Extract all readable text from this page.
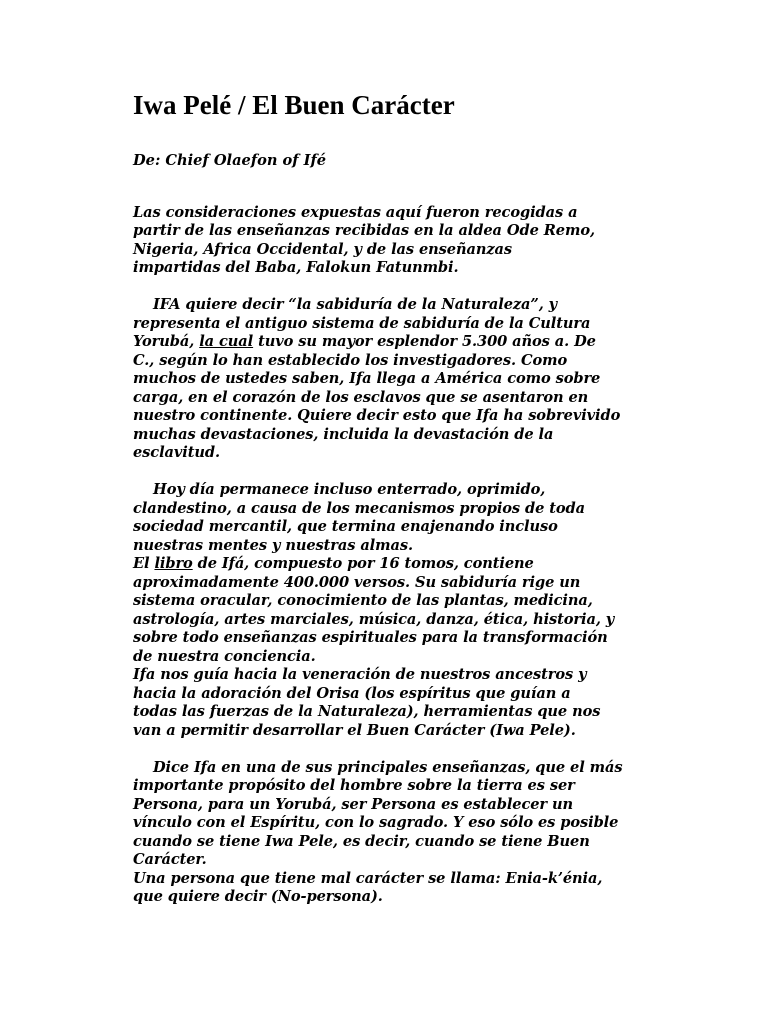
Iwa Pelé / El Buen Carácter

De: Chief Olaefon of Ifé

Las consideraciones expuestas aquí fueron recogidas a
partir de las enseñanzas recibidas en la aldea Ode Remo,
Nigeria, Africa Occidental, y de las enseñanzas
impartidas del Baba, Falokun Fatunmbi.
IFA quiere decir “la sabiduría de la Naturaleza”, y
representa el antiguo sistema de sabiduría de la Cultura
Yorubá, la cual tuvo su mayor esplendor 5.300 años a. De
C., según lo han establecido los investigadores. Como
muchos de ustedes saben, Ifa llega a América como sobre
carga, en el corazón de los esclavos que se asentaron en
nuestro continente. Quiere decir esto que Ifa ha sobrevivido
muchas devastaciones, incluida la devastación de la
esclavitud.
Hoy día permanece incluso enterrado, oprimido,
clandestino, a causa de los mecanismos propios de toda
sociedad mercantil, que termina enajenando incluso
nuestras mentes y nuestras almas.
El libro de Ifá, compuesto por 16 tomos, contiene
aproximadamente 400.000 versos. Su sabiduría rige un
sistema oracular, conocimiento de las plantas, medicina,
astrología, artes marciales, música, danza, ética, historia, y
sobre todo enseñanzas espirituales para la transformación
de nuestra conciencia.
Ifa nos guía hacia la veneración de nuestros ancestros y
hacia la adoración del Orisa (los espíritus que guían a
todas las fuerzas de la Naturaleza), herramientas que nos
van a permitir desarrollar el Buen Carácter (Iwa Pele).
Dice Ifa en una de sus principales enseñanzas, que el más
importante propósito del hombre sobre la tierra es ser
Persona, para un Yorubá, ser Persona es establecer un
vínculo con el Espíritu, con lo sagrado. Y eso sólo es posible
cuando se tiene Iwa Pele, es decir, cuando se tiene Buen
Carácter.
Una persona que tiene mal carácter se llama: Enia-k’énia,
que quiere decir (No-persona).
